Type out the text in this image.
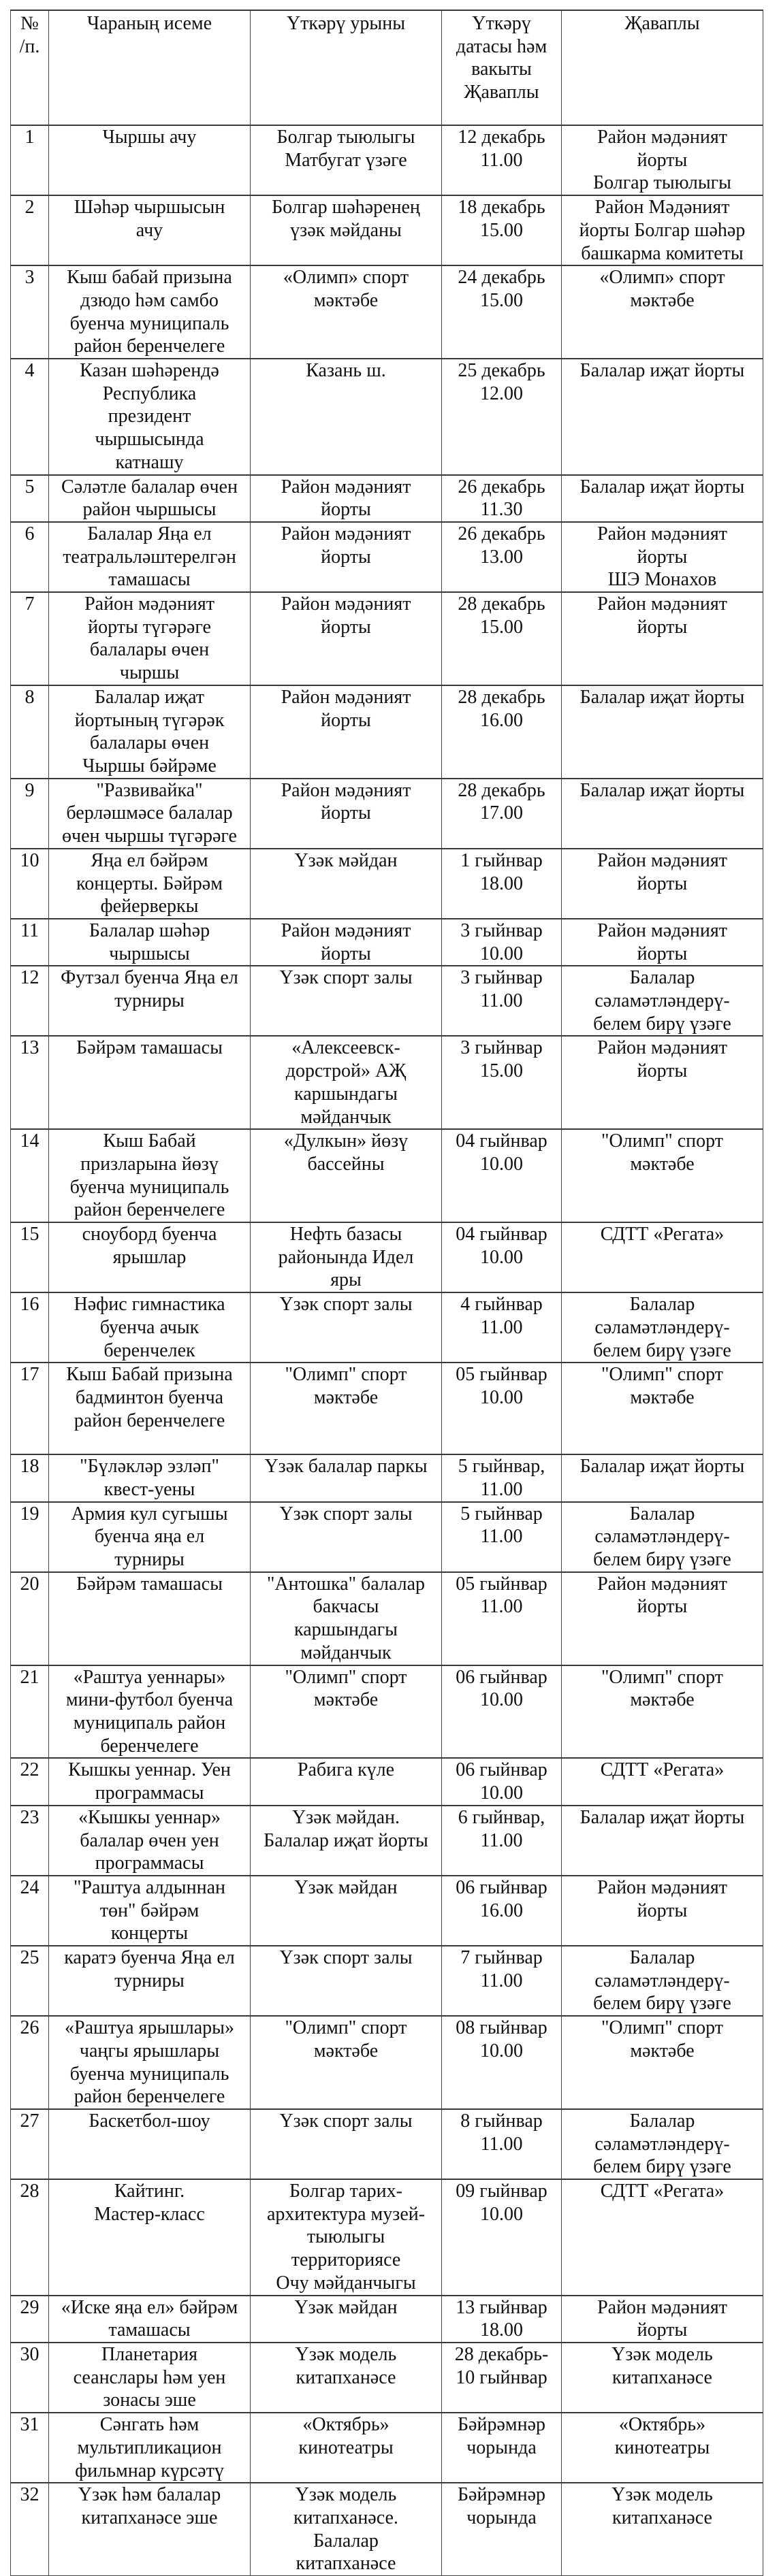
№
/п.	Чараның исеме	Үткәрү урыны	Үткәрү
датасы һәм
вакыты
Җаваплы	Җаваплы
1	Чыршы ачу	Болгар тыюлыгы
Матбугат үзәге	12 декабрь
11.00	Район мәдәният
йорты
Болгар тыюлыгы
2	Шәһәр чыршысын
ачу	Болгар шәһәренең
үзәк мәйданы	18 декабрь
15.00	Район Мәдәният
йорты Болгар шәһәр
башкарма комитеты
3	Кыш бабай призына
дзюдо һәм самбо
буенча муниципаль
район беренчелеге	«Олимп» спорт
мәктәбе	24 декабрь
15.00	«Олимп» спорт
мәктәбе
4	Казан шәһәрендә
Республика
президент
чыршысында
катнашу	Казань ш.	25 декабрь
12.00	Балалар иҗат йорты
5	Сәләтле балалар өчен
район чыршысы	Район мәдәният
йорты	26 декабрь
11.30	Балалар иҗат йорты
6	Балалар Яңа ел
театральләштерелгән
тамашасы	Район мәдәният
йорты	26 декабрь
13.00	Район мәдәният
йорты
ШЭ Монахов
7	Район мәдәният
йорты түгәрәге
балалары өчен
чыршы	Район мәдәният
йорты	28 декабрь
15.00	Район мәдәният
йорты
8	Балалар иҗат
йортының түгәрәк
балалары өчен
Чыршы бәйрәме	Район мәдәният
йорты	28 декабрь
16.00	Балалар иҗат йорты
9	"Развивайка"
берләшмәсе балалар
өчен чыршы түгәрәге	Район мәдәният
йорты	28 декабрь
17.00	Балалар иҗат йорты
10	Яңа ел бәйрәм
концерты. Бәйрәм
фейерверкы	Үзәк мәйдан	1 гыйнвар
18.00	Район мәдәният
йорты
11	Балалар шәһәр
чыршысы	Район мәдәният
йорты	3 гыйнвар
10.00	Район мәдәният
йорты
12	Футзал буенча Яңа ел
турниры	Үзәк спорт залы	3 гыйнвар
11.00	Балалар
сәламәтләндерү-
белем бирү үзәге
13	Бәйрәм тамашасы	«Алексеевск-
дорстрой» АҖ
каршындагы
мәйданчык	3 гыйнвар
15.00	Район мәдәният
йорты
14	Кыш Бабай
призларына йөзү
буенча муниципаль
район беренчелеге	«Дулкын» йөзү
бассейны	04 гыйнвар
10.00	"Олимп" спорт
мәктәбе
15	сноуборд буенча
ярышлар	Нефть базасы
районында Идел
яры	04 гыйнвар
10.00	СДТТ «Регата»
16	Нәфис гимнастика
буенча ачык
беренчелек	Үзәк спорт залы	4 гыйнвар
11.00	Балалар
сәламәтләндерү-
белем бирү үзәге
17	Кыш Бабай призына
бадминтон буенча
район беренчелеге	"Олимп" спорт
мәктәбе	05 гыйнвар
10.00	"Олимп" спорт
мәктәбе
18	"Бүләкләр эзләп"
квест-уены	Үзәк балалар паркы	5 гыйнвар,
11.00	Балалар иҗат йорты
19	Армия кул сугышы
буенча яңа ел
турниры	Үзәк спорт залы	5 гыйнвар
11.00	Балалар
сәламәтләндерү-
белем бирү үзәге
20	Бәйрәм тамашасы	"Антошка" балалар
бакчасы
каршындагы
мәйданчык	05 гыйнвар
11.00	Район мәдәният
йорты
21	«Раштуа уеннары»
мини-футбол буенча
муниципаль район
беренчелеге	"Олимп" спорт
мәктәбе	06 гыйнвар
10.00	"Олимп" спорт
мәктәбе
22	Кышкы уеннар. Уен
программасы	Рабига күле	06 гыйнвар
10.00	СДТТ «Регата»
23	«Кышкы уеннар»
балалар өчен уен
программасы	Үзәк мәйдан.
Балалар иҗат йорты	6 гыйнвар,
11.00	Балалар иҗат йорты
24	"Раштуа алдыннан
төн" бәйрәм
концерты	Үзәк мәйдан	06 гыйнвар
16.00	Район мәдәният
йорты
25	каратэ буенча Яңа ел
турниры	Үзәк спорт залы	7 гыйнвар
11.00	Балалар
сәламәтләндерү-
белем бирү үзәге
26	«Раштуа ярышлары»
чаңгы ярышлары
буенча муниципаль
район беренчелеге	"Олимп" спорт
мәктәбе	08 гыйнвар
10.00	"Олимп" спорт
мәктәбе
27	Баскетбол-шоу	Үзәк спорт залы	8 гыйнвар
11.00	Балалар
сәламәтләндерү-
белем бирү үзәге
28	Кайтинг.
Мастер-класс	Болгар тарих-
архитектура музей-
тыюлыгы
территориясе
Очу мәйданчыгы	09 гыйнвар
10.00	СДТТ «Регата»
29	«Иске яңа ел» бәйрәм
тамашасы	Үзәк мәйдан	13 гыйнвар
18.00	Район мәдәният
йорты
30	Планетария
сеанслары һәм уен
зонасы эше	Үзәк модель
китапханәсе	28 декабрь-
10 гыйнвар	Үзәк модель
китапханәсе
31	Сәнгать һәм
мультипликацион
фильмнар күрсәтү	«Октябрь»
кинотеатры	Бәйрәмнәр
чорында	«Октябрь»
кинотеатры
32	Үзәк һәм балалар
китапханәсе эше	Үзәк модель
китапханәсе.
Балалар
китапханәсе	Бәйрәмнәр
чорында	Үзәк модель
китапханәсе
